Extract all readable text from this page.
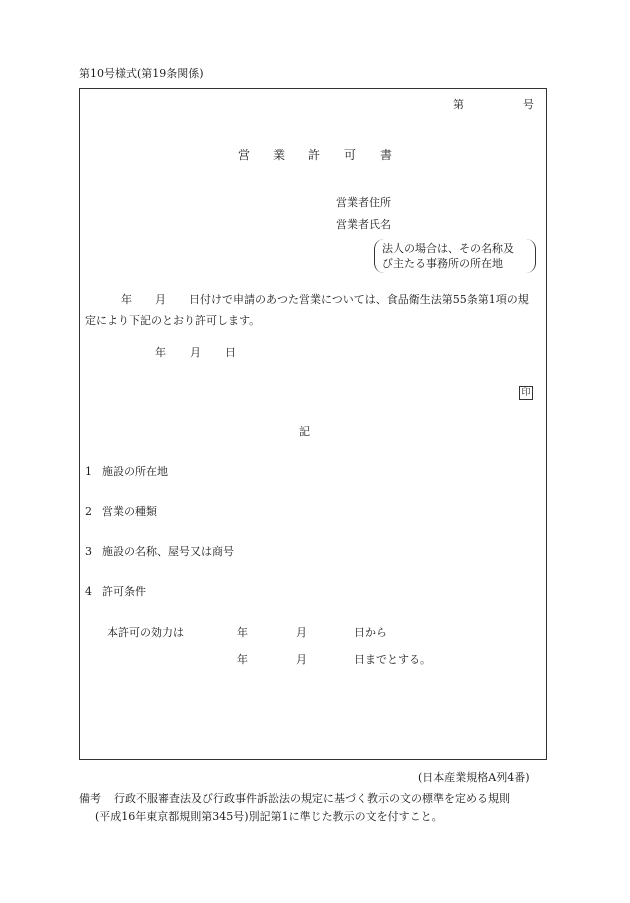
第10号様式(第19条関係)
第	号
営 業 許 可 書
営業者住所
営業者氏名
法人の場合は、その名称及
び主たる事務所の所在地
年 月 日付けで申請のあつた営業については、食品衛生法第55条第1項の規
定により下記のとおり許可します。
年 月 日
印
記
1 施設の所在地
2 営業の種類
3 施設の名称、屋号又は商号
4 許可条件
本許可の効力は	年	月	日から
年	月	日までとする。
(日本産業規格A列4番)
備考 行政不服審査法及び行政事件訴訟法の規定に基づく教示の文の標準を定める規則
(平成16年東京都規則第345号)別記第1に準じた教示の文を付すこと。
